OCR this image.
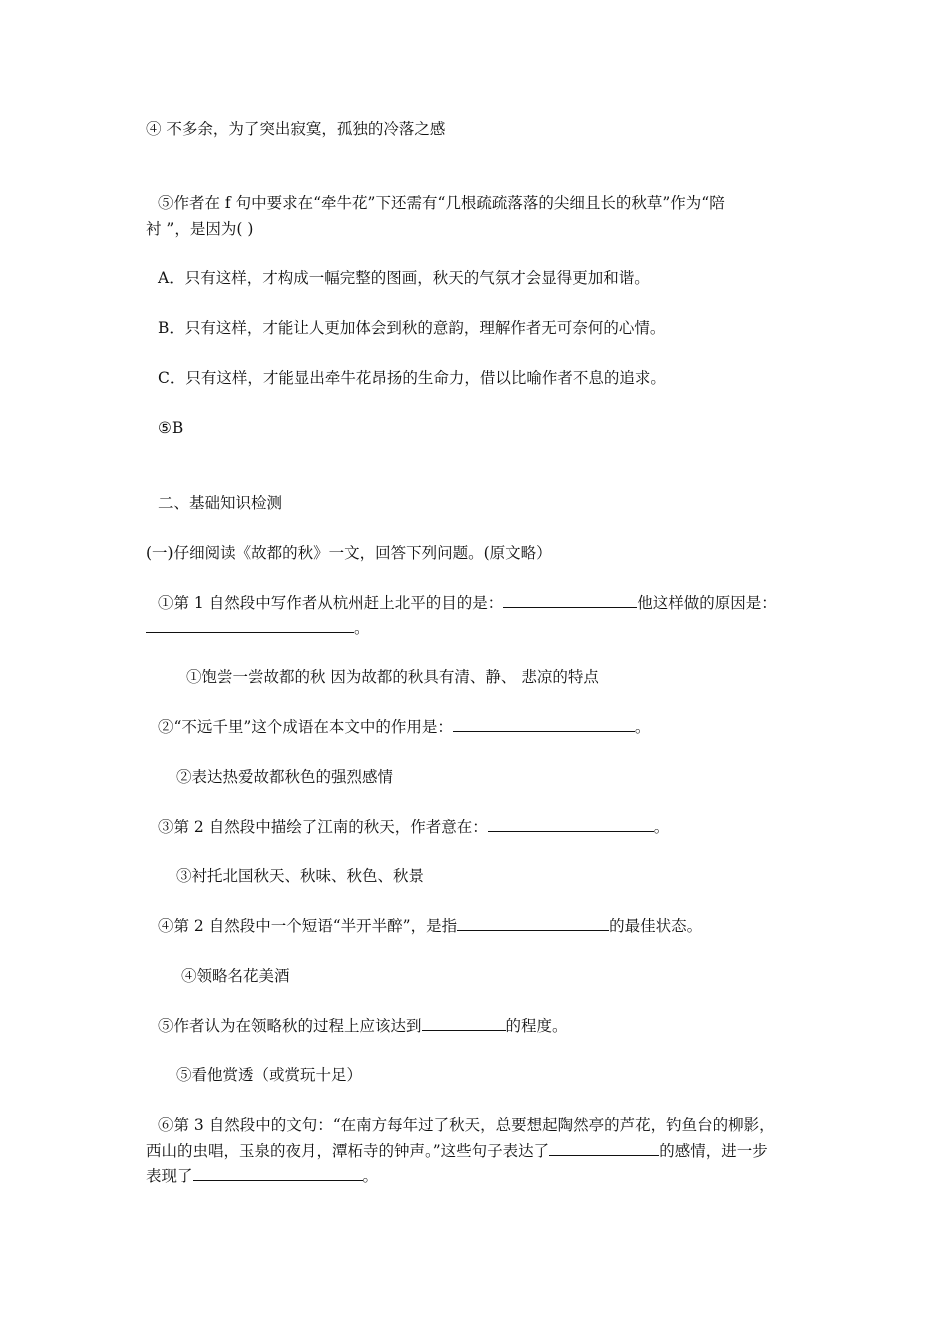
④ 不多余，为了突出寂寞，孤独的冷落之感
⑤作者在 f 句中要求在“牵牛花”下还需有“几根疏疏落落的尖细且长的秋草”作为“陪
衬 ”，是因为( )
A．只有这样，才构成一幅完整的图画，秋天的气氛才会显得更加和谐。
B．只有这样，才能让人更加体会到秋的意韵，理解作者无可奈何的心情。
C．只有这样，才能显出牵牛花昂扬的生命力，借以比喻作者不息的追求。
⑤B
二、基础知识检测
(一)仔细阅读《故都的秋》一文，回答下列问题。(原文略）
①第 1 自然段中写作者从杭州赶上北平的目的是：	他这样做的原因是：
。
①饱尝一尝故都的秋 因为故都的秋具有清、静、 悲凉的特点
②“不远千里”这个成语在本文中的作用是：	。
②表达热爱故都秋色的强烈感情
③第 2 自然段中描绘了江南的秋天，作者意在：	。
③衬托北国秋天、秋味、秋色、秋景
④第 2 自然段中一个短语“半开半醉”，是指	的最佳状态。
④领略名花美酒
⑤作者认为在领略秋的过程上应该达到	的程度。
⑤看他赏透（或赏玩十足）
⑥第 3 自然段中的文句：“在南方每年过了秋天，总要想起陶然亭的芦花，钓鱼台的柳影，
西山的虫唱，玉泉的夜月，潭柘寺的钟声。”这些句子表达了	的感情，进一步
表现了	。
